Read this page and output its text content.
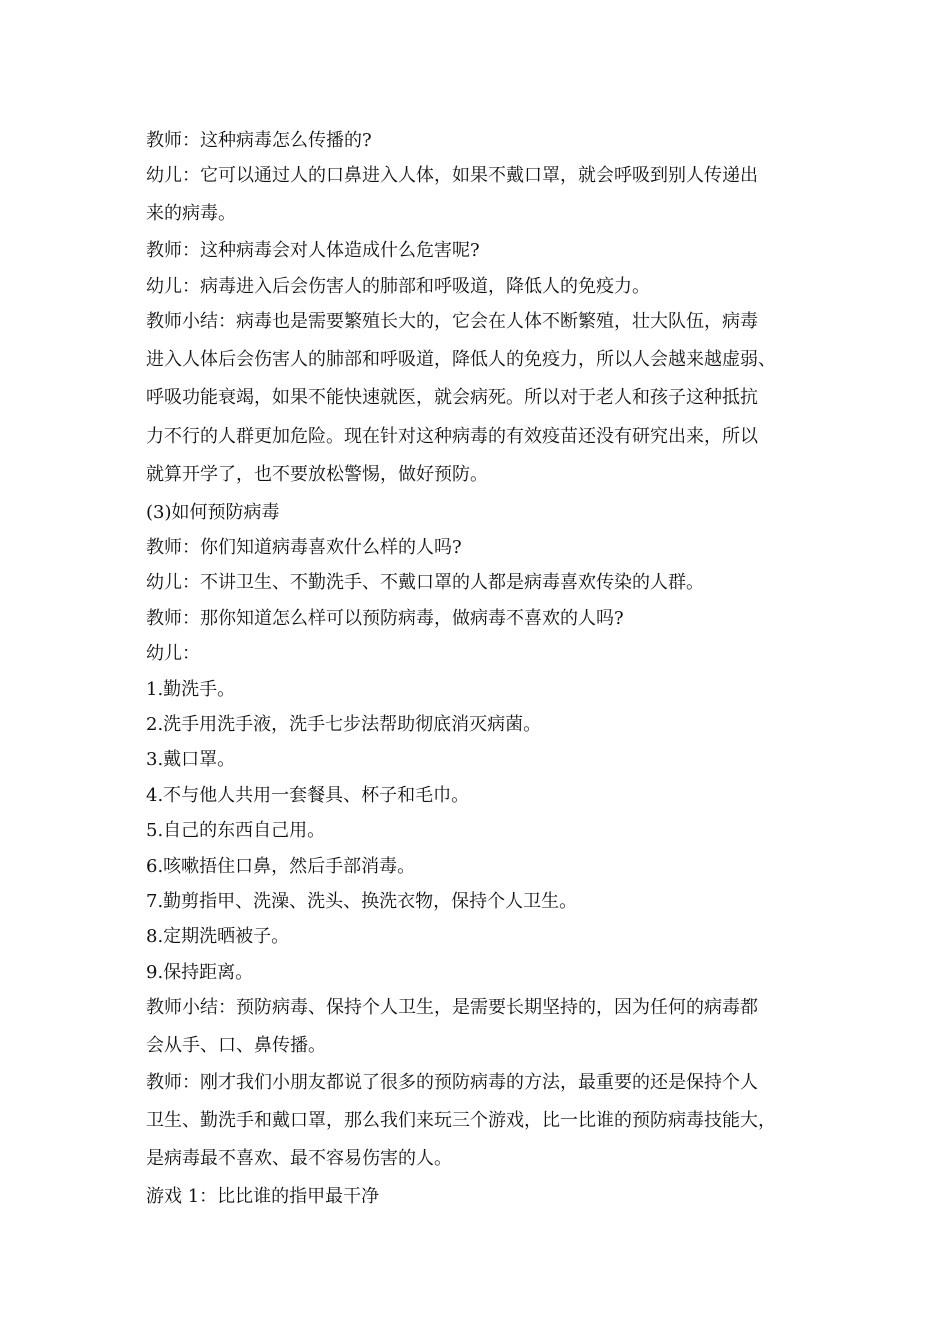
教师：这种病毒怎么传播的?

幼儿：它可以通过人的口鼻进入人体，如果不戴口罩，就会呼吸到别人传递出

来的病毒。

教师：这种病毒会对人体造成什么危害呢?

幼儿：病毒进入后会伤害人的肺部和呼吸道，降低人的免疫力。

教师小结：病毒也是需要繁殖长大的，它会在人体不断繁殖，壮大队伍，病毒

进入人体后会伤害人的肺部和呼吸道，降低人的免疫力，所以人会越来越虚弱、

呼吸功能衰竭，如果不能快速就医，就会病死。所以对于老人和孩子这种抵抗

力不行的人群更加危险。现在针对这种病毒的有效疫苗还没有研究出来，所以

就算开学了，也不要放松警惕，做好预防。

(3)如何预防病毒

教师：你们知道病毒喜欢什么样的人吗?

幼儿：不讲卫生、不勤洗手、不戴口罩的人都是病毒喜欢传染的人群。

教师：那你知道怎么样可以预防病毒，做病毒不喜欢的人吗?

幼儿：

1.勤洗手。

2.洗手用洗手液，洗手七步法帮助彻底消灭病菌。

3.戴口罩。

4.不与他人共用一套餐具、杯子和毛巾。

5.自己的东西自己用。

6.咳嗽捂住口鼻，然后手部消毒。

7.勤剪指甲、洗澡、洗头、换洗衣物，保持个人卫生。

8.定期洗晒被子。

9.保持距离。

教师小结：预防病毒、保持个人卫生，是需要长期坚持的，因为任何的病毒都

会从手、口、鼻传播。

教师：刚才我们小朋友都说了很多的预防病毒的方法，最重要的还是保持个人

卫生、勤洗手和戴口罩，那么我们来玩三个游戏，比一比谁的预防病毒技能大，

是病毒最不喜欢、最不容易伤害的人。

游戏 1：比比谁的指甲最干净
